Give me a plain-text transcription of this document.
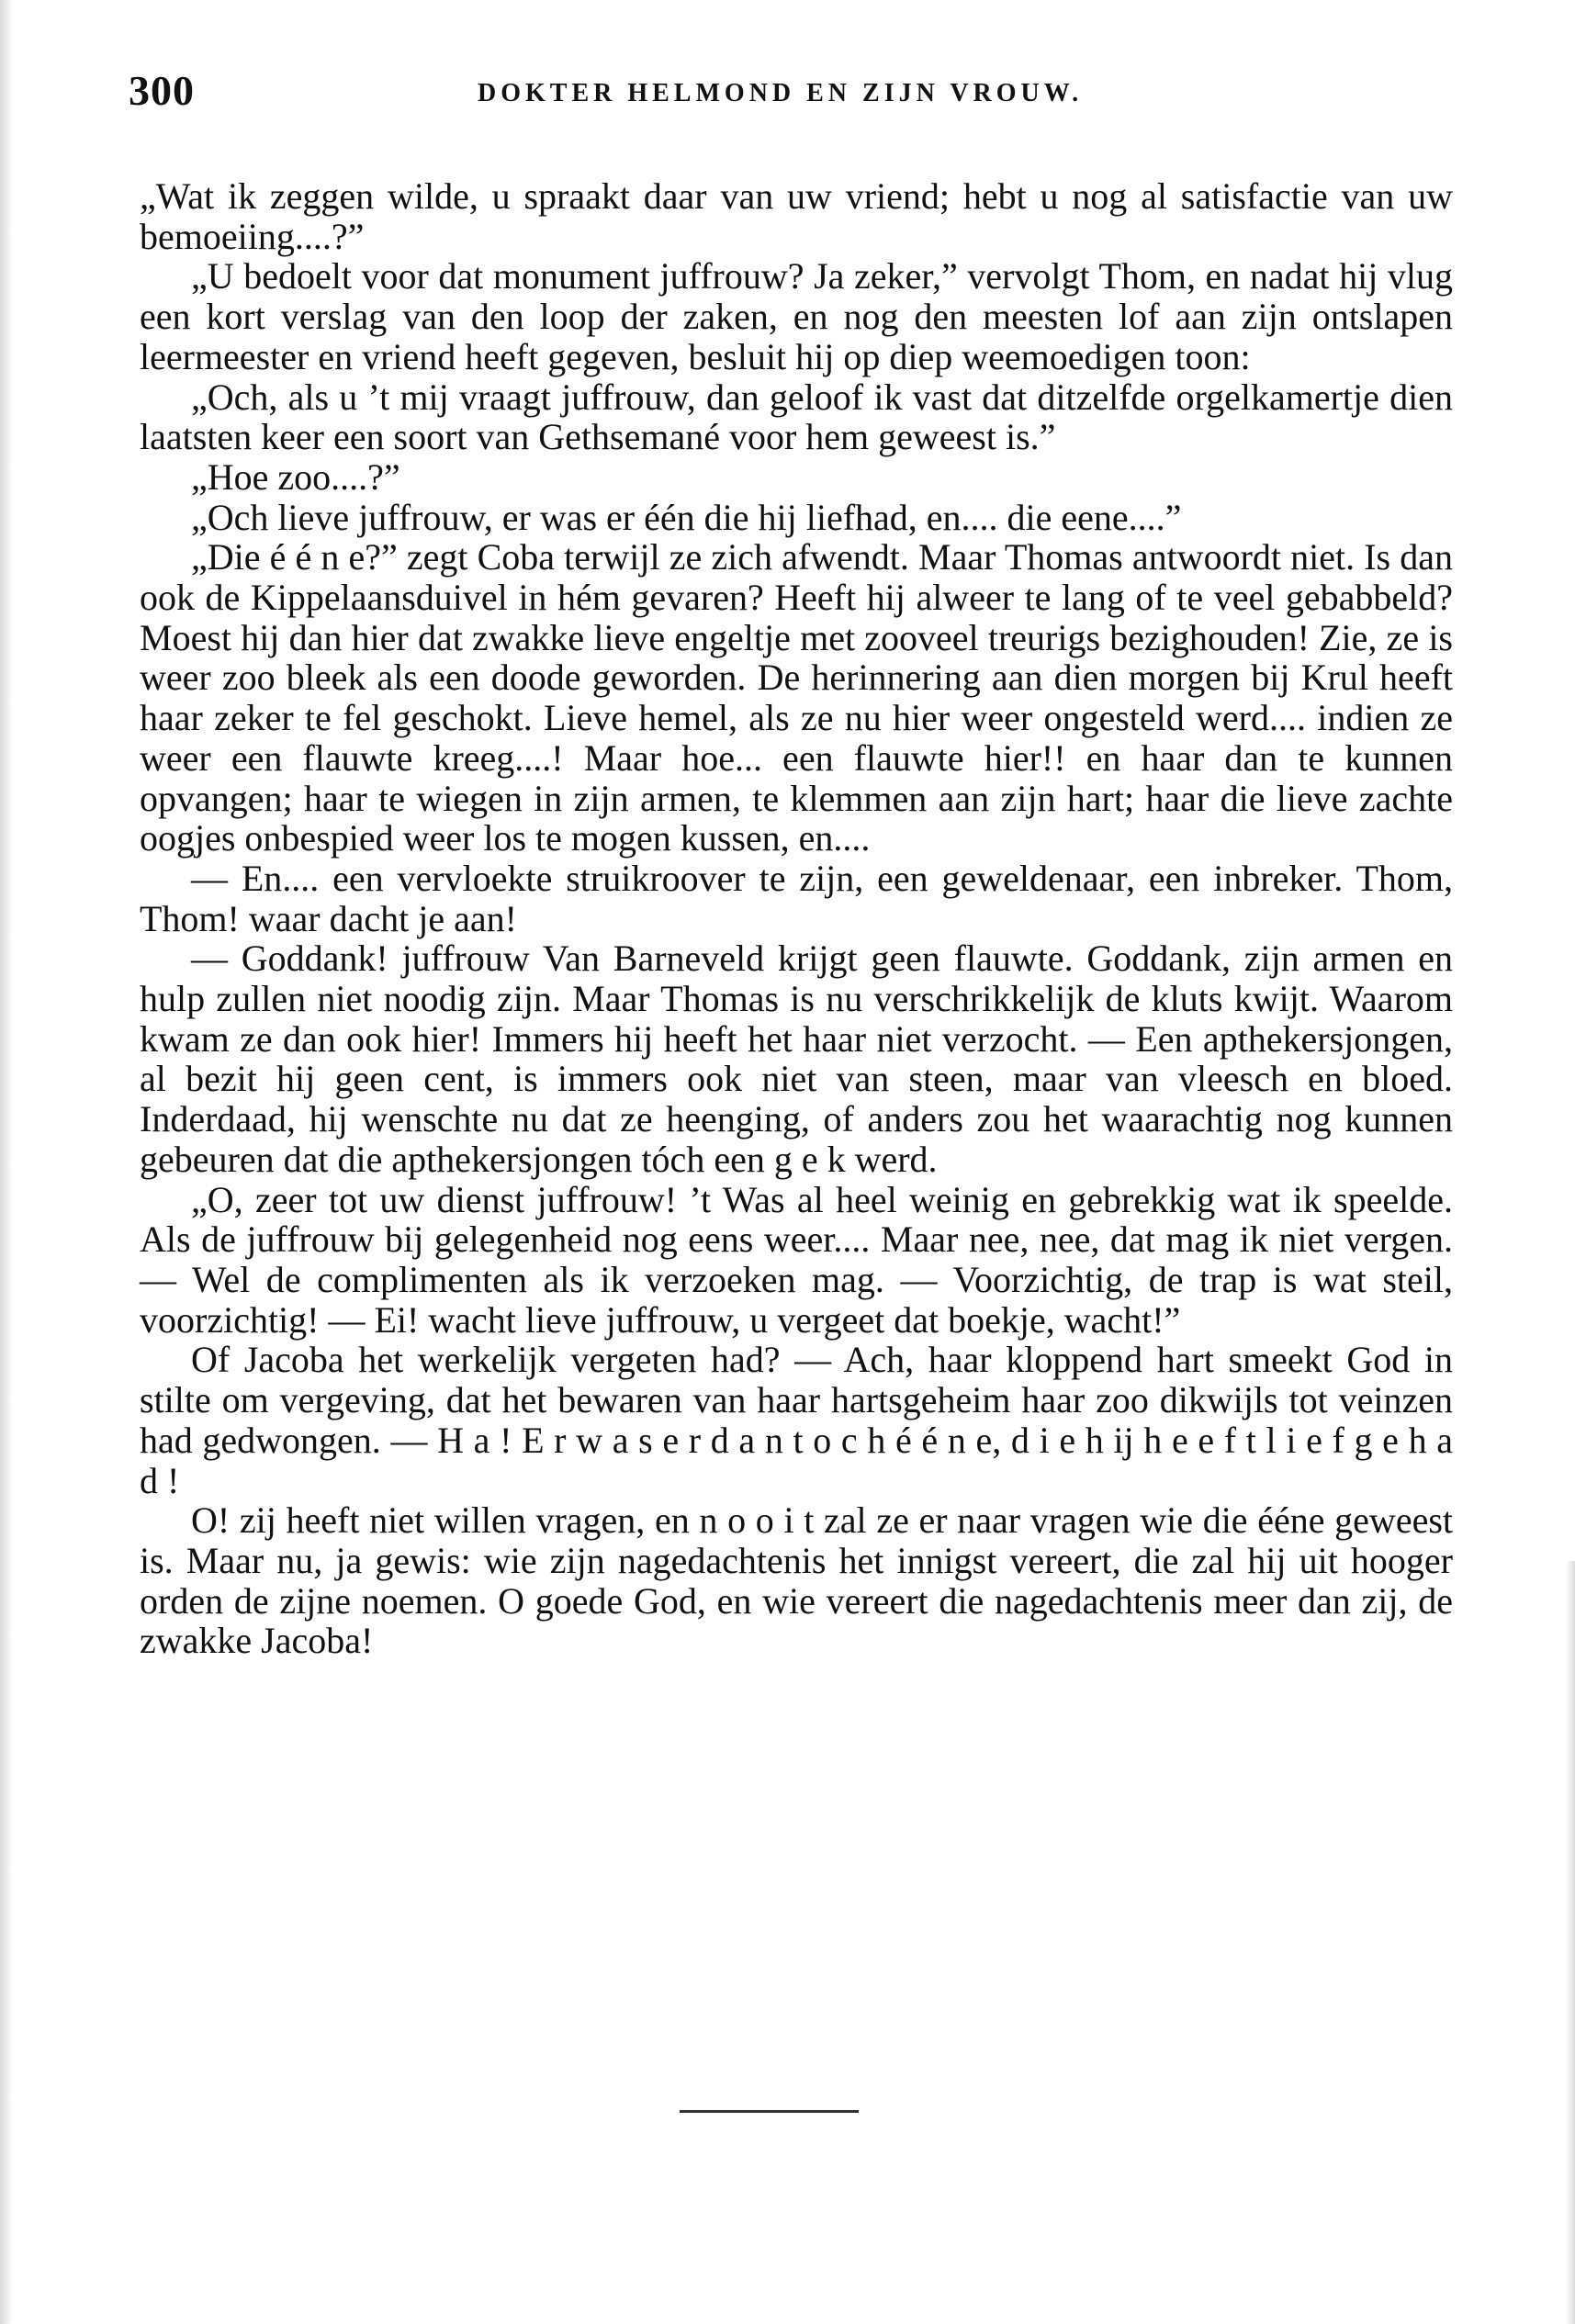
300	DOKTER HELMOND EN ZIJN VROUW.

„Wat ik zeggen wilde, u spraakt daar van uw vriend; hebt u nog al satisfactie van uw bemoeiing....?”

„U bedoelt voor dat monument juffrouw? Ja zeker,” vervolgt Thom, en nadat hij vlug een kort verslag van den loop der zaken, en nog den meesten lof aan zijn ontslapen leermeester en vriend heeft gegeven, besluit hij op diep weemoedigen toon:

„Och, als u ’t mij vraagt juffrouw, dan geloof ik vast dat ditzelfde orgelkamertje dien laatsten keer een soort van Gethsemané voor hem geweest is.”

„Hoe zoo....?”

„Och lieve juffrouw, er was er één die hij liefhad, en.... die eene....”

„Die é é n e?” zegt Coba terwijl ze zich afwendt. Maar Thomas antwoordt niet. Is dan ook de Kippelaansduivel in hém gevaren? Heeft hij alweer te lang of te veel gebabbeld? Moest hij dan hier dat zwakke lieve engeltje met zooveel treurigs bezighouden! Zie, ze is weer zoo bleek als een doode geworden. De herinnering aan dien morgen bij Krul heeft haar zeker te fel geschokt. Lieve hemel, als ze nu hier weer ongesteld werd.... indien ze weer een flauwte kreeg....! Maar hoe... een flauwte hier!! en haar dan te kunnen opvangen; haar te wiegen in zijn armen, te klemmen aan zijn hart; haar die lieve zachte oogjes onbespied weer los te mogen kussen, en....

— En.... een vervloekte struikroover te zijn, een geweldenaar, een inbreker. Thom, Thom! waar dacht je aan!

— Goddank! juffrouw Van Barneveld krijgt geen flauwte. Goddank, zijn armen en hulp zullen niet noodig zijn. Maar Thomas is nu verschrikkelijk de kluts kwijt. Waarom kwam ze dan ook hier! Immers hij heeft het haar niet verzocht. — Een apthekersjongen, al bezit hij geen cent, is immers ook niet van steen, maar van vleesch en bloed. Inderdaad, hij wenschte nu dat ze heenging, of anders zou het waarachtig nog kunnen gebeuren dat die apthekersjongen tóch een g e k werd.

„O, zeer tot uw dienst juffrouw! ’t Was al heel weinig en gebrekkig wat ik speelde. Als de juffrouw bij gelegenheid nog eens weer.... Maar nee, nee, dat mag ik niet vergen. — Wel de complimenten als ik verzoeken mag. — Voorzichtig, de trap is wat steil, voorzichtig! — Ei! wacht lieve juffrouw, u vergeet dat boekje, wacht!”

Of Jacoba het werkelijk vergeten had? — Ach, haar kloppend hart smeekt God in stilte om vergeving, dat het bewaren van haar hartsgeheim haar zoo dikwijls tot veinzen had gedwongen. — H a ! E r w a s e r d a n t o c h é é n e, d i e h ij h e e f t l i e f g e h a d !

O! zij heeft niet willen vragen, en n o o i t zal ze er naar vragen wie die ééne geweest is. Maar nu, ja gewis: wie zijn nagedachtenis het innigst vereert, die zal hij uit hooger orden de zijne noemen. O goede God, en wie vereert die nagedachtenis meer dan zij, de zwakke Jacoba!
